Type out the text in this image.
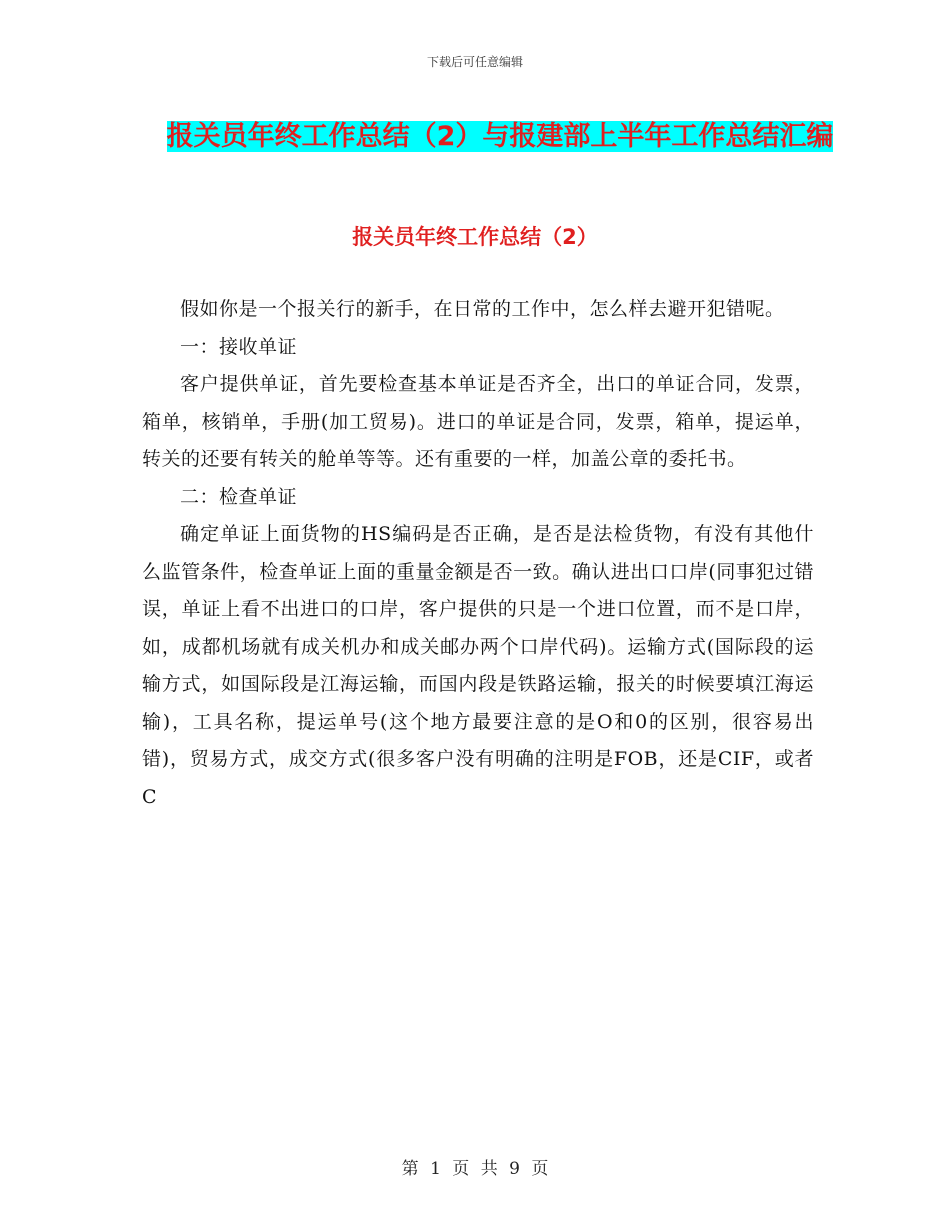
下载后可任意编辑
报关员年终工作总结（2）与报建部上半年工作总结汇编
报关员年终工作总结（2）

假如你是一个报关行的新手，在日常的工作中，怎么样去避开犯错呢。

一：接收单证

客户提供单证，首先要检查基本单证是否齐全，出口的单证合同，发票，箱单，核销单，手册(加工贸易)。进口的单证是合同，发票，箱单，提运单，转关的还要有转关的舱单等等。还有重要的一样，加盖公章的委托书。

二：检查单证

确定单证上面货物的HS编码是否正确，是否是法检货物，有没有其他什么监管条件，检查单证上面的重量金额是否一致。确认进出口口岸(同事犯过错误，单证上看不出进口的口岸，客户提供的只是一个进口位置，而不是口岸，如，成都机场就有成关机办和成关邮办两个口岸代码)。运输方式(国际段的运输方式，如国际段是江海运输，而国内段是铁路运输，报关的时候要填江海运输)，工具名称，提运单号(这个地方最要注意的是O和0的区别，很容易出错)，贸易方式，成交方式(很多客户没有明确的注明是FOB，还是CIF，或者C

第 1 页 共 9 页
